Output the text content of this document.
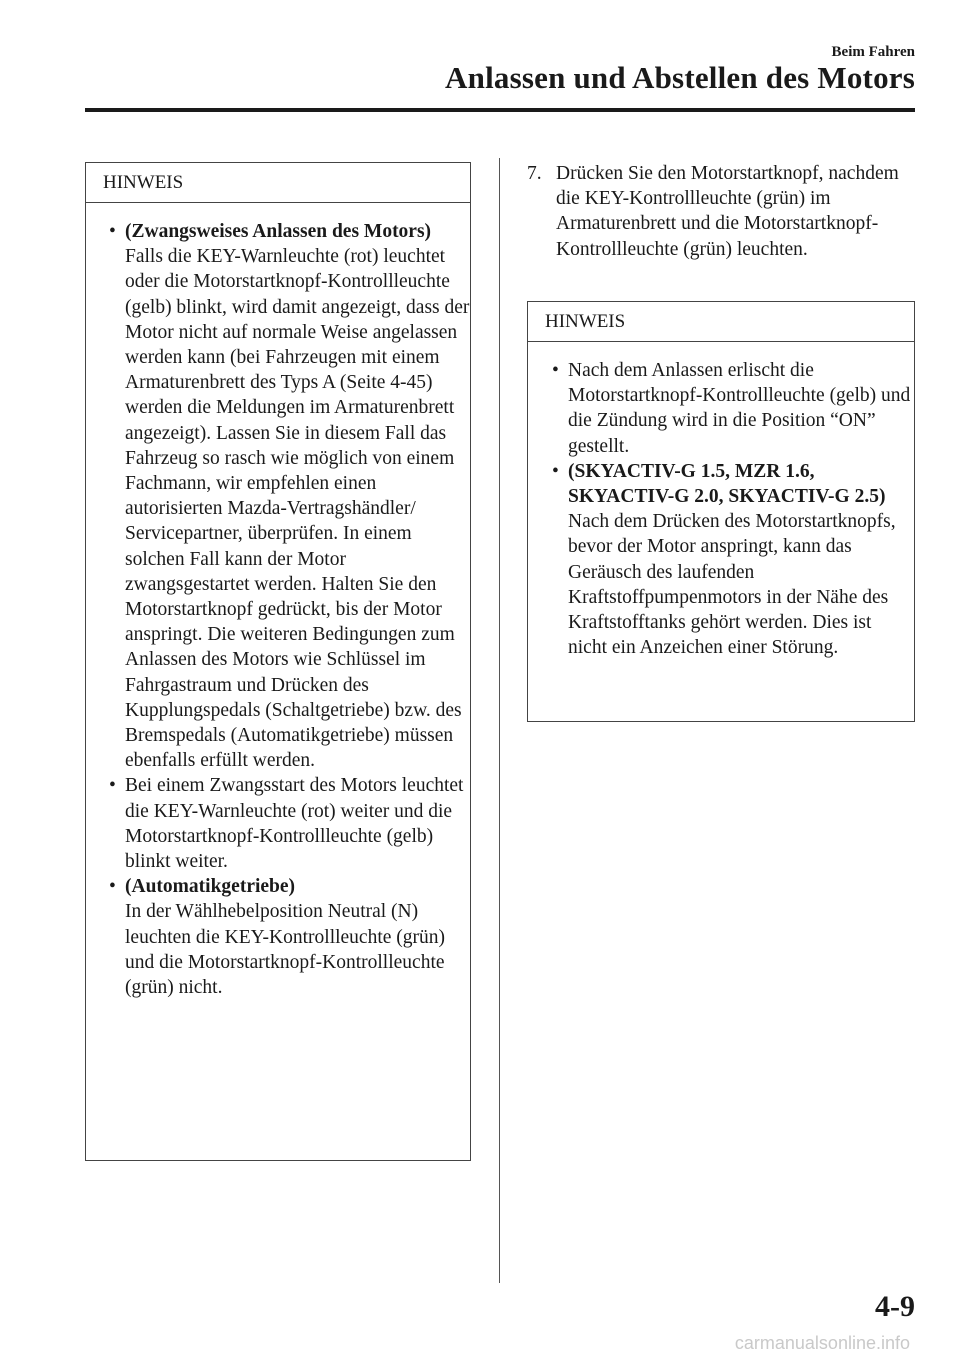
Beim Fahren
Anlassen und Abstellen des Motors
HINWEIS
• (Zwangsweises Anlassen des Motors)
Falls die KEY-Warnleuchte (rot) leuchtet oder die Motorstartknopf-Kontrollleuchte (gelb) blinkt, wird damit angezeigt, dass der Motor nicht auf normale Weise angelassen werden kann (bei Fahrzeugen mit einem Armaturenbrett des Typs A (Seite 4-45) werden die Meldungen im Armaturenbrett angezeigt). Lassen Sie in diesem Fall das Fahrzeug so rasch wie möglich von einem Fachmann, wir empfehlen einen autorisierten Mazda-Vertragshändler/ Servicepartner, überprüfen. In einem solchen Fall kann der Motor zwangsgestartet werden. Halten Sie den Motorstartknopf gedrückt, bis der Motor anspringt. Die weiteren Bedingungen zum Anlassen des Motors wie Schlüssel im Fahrgastraum und Drücken des Kupplungspedals (Schaltgetriebe) bzw. des Bremspedals (Automatikgetriebe) müssen ebenfalls erfüllt werden.
• Bei einem Zwangsstart des Motors leuchtet die KEY-Warnleuchte (rot) weiter und die Motorstartknopf-Kontrollleuchte (gelb) blinkt weiter.
• (Automatikgetriebe)
In der Wählhebelposition Neutral (N) leuchten die KEY-Kontrollleuchte (grün) und die Motorstartknopf-Kontrollleuchte (grün) nicht.
7. Drücken Sie den Motorstartknopf, nachdem die KEY-Kontrollleuchte (grün) im Armaturenbrett und die Motorstartknopf-Kontrollleuchte (grün) leuchten.
HINWEIS
• Nach dem Anlassen erlischt die Motorstartknopf-Kontrollleuchte (gelb) und die Zündung wird in die Position “ON” gestellt.
• (SKYACTIV-G 1.5, MZR 1.6, SKYACTIV-G 2.0, SKYACTIV-G 2.5)
Nach dem Drücken des Motorstartknopfs, bevor der Motor anspringt, kann das Geräusch des laufenden Kraftstoffpumpenmotors in der Nähe des Kraftstofftanks gehört werden. Dies ist nicht ein Anzeichen einer Störung.
4-9
carmanualsonline.info
